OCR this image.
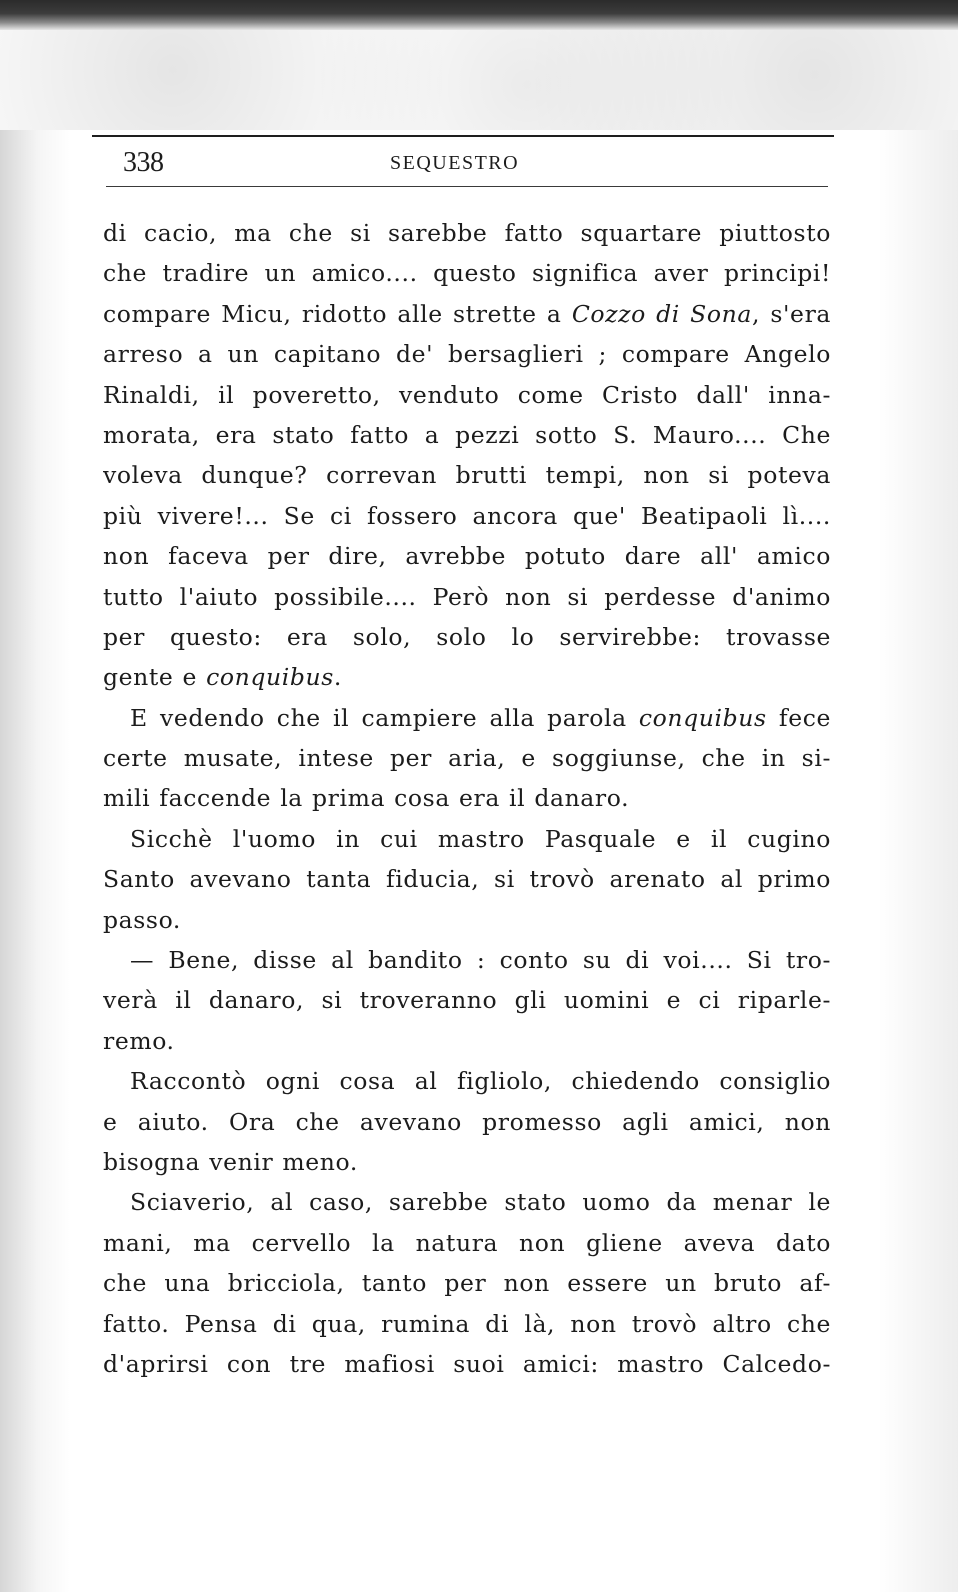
338	SEQUESTRO
di cacio, ma che si sarebbe fatto squartare piuttosto
che tradire un amico.... questo significa aver principi!
compare Micu, ridotto alle strette a Cozzo di Sona, s'era
arreso a un capitano de' bersaglieri ; compare Angelo
Rinaldi, il poveretto, venduto come Cristo dall' inna-
morata, era stato fatto a pezzi sotto S. Mauro.... Che
voleva dunque? correvan brutti tempi, non si poteva
più vivere!... Se ci fossero ancora que' Beatipaoli lì....
non faceva per dire, avrebbe potuto dare all' amico
tutto l'aiuto possibile.... Però non si perdesse d'animo
per questo: era solo, solo lo servirebbe: trovasse
gente e conquibus.
E vedendo che il campiere alla parola conquibus fece
certe musate, intese per aria, e soggiunse, che in si-
mili faccende la prima cosa era il danaro.
Sicchè l'uomo in cui mastro Pasquale e il cugino
Santo avevano tanta fiducia, si trovò arenato al primo
passo.
— Bene, disse al bandito : conto su di voi.... Si tro-
verà il danaro, si troveranno gli uomini e ci riparle-
remo.
Raccontò ogni cosa al figliolo, chiedendo consiglio
e aiuto. Ora che avevano promesso agli amici, non
bisogna venir meno.
Sciaverio, al caso, sarebbe stato uomo da menar le
mani, ma cervello la natura non gliene aveva dato
che una bricciola, tanto per non essere un bruto af-
fatto. Pensa di qua, rumina di là, non trovò altro che
d'aprirsi con tre mafiosi suoi amici: mastro Calcedo-
